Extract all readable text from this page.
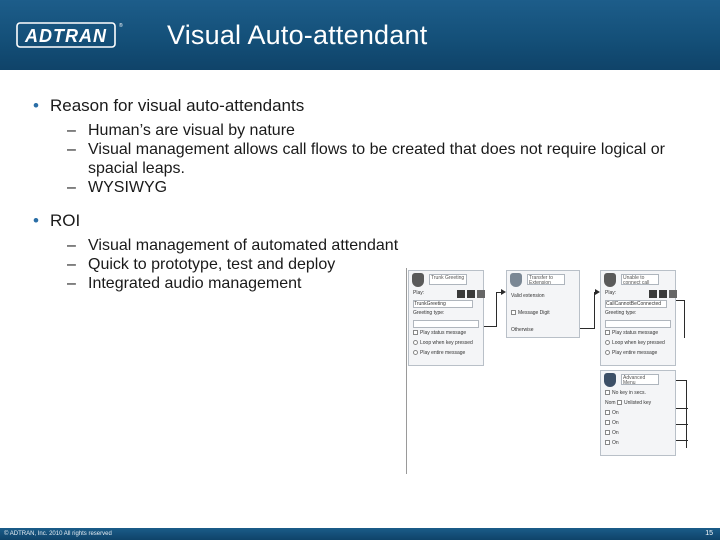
ADTRAN ® Visual Auto-attendant
• Reason for visual auto-attendants
– Human’s are visual by nature
– Visual management allows call flows to be created that does not require logical or spacial leaps.
– WYSIWYG
• ROI
– Visual management of automated attendant
– Quick to prototype, test and deploy
– Integrated audio management	Trunk Greeting
Play:
TrunkGreeting
Greeting type:
Play status message
Loop when key pressed
Play entire message
Transfer to Extension
Valid extension
Message Digit
Otherwise
Unable to connect call
Play:
CallCannotBeConnected
Greeting type:
Play status message
Loop when key pressed
Play entire message
Advanced Menu
No key in secs.
Nom Unlisted key
On
On
On
On
© ADTRAN, Inc. 2010 All rights reserved	15
